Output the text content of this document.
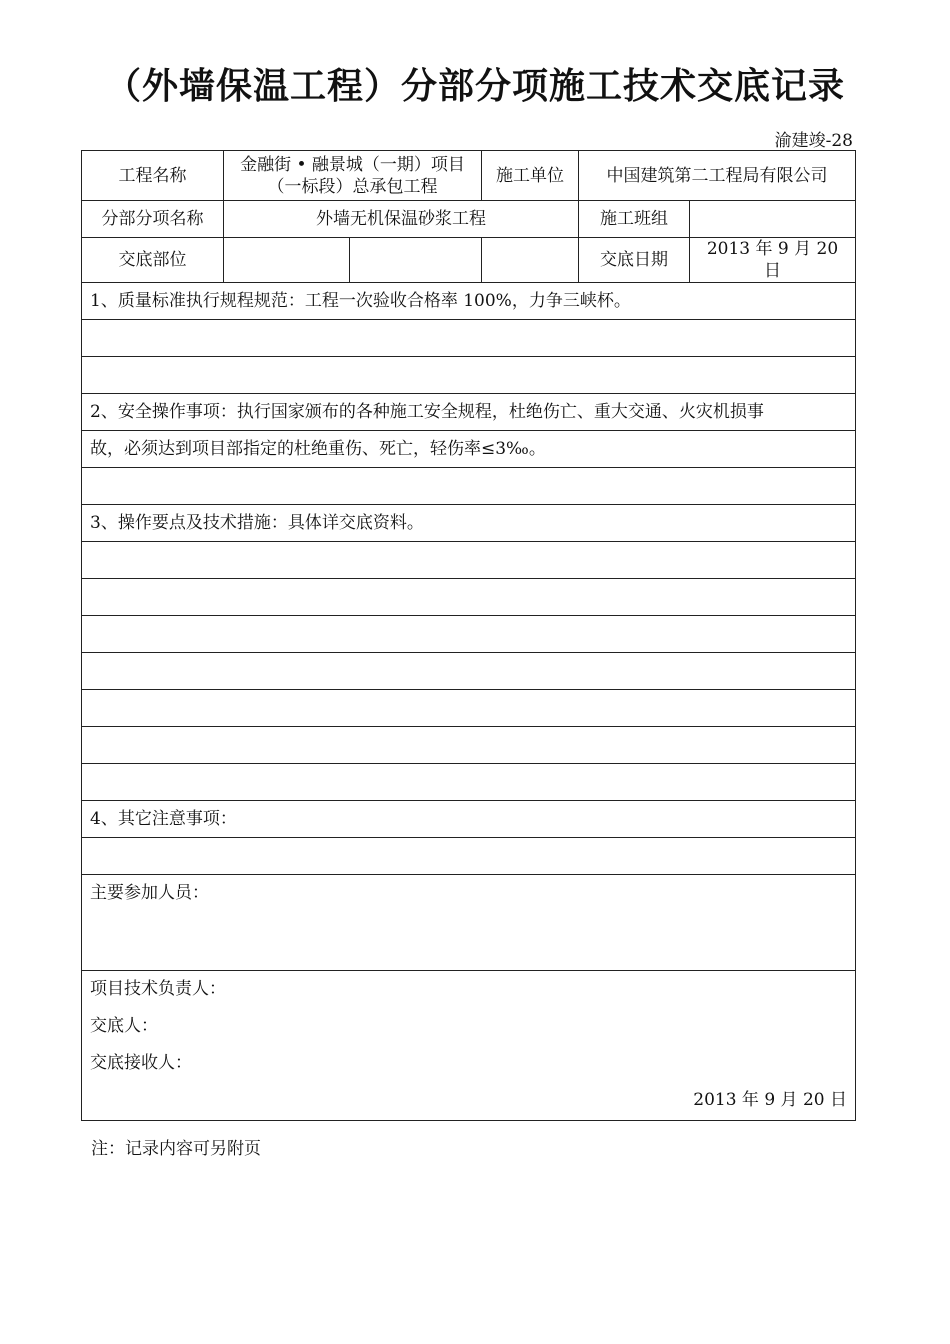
（外墙保温工程）分部分项施工技术交底记录
渝建竣-28
工程名称	金融街 • 融景城（一期）项目
（一标段）总承包工程		施工单位	中国建筑第二工程局有限公司	
分部分项名称	外墙无机保温砂浆工程			施工班组	
交底部位				交底日期	2013 年 9 月 20 日
1、质量标准执行规程规范：工程一次验收合格率 100%，力争三峡杯。					

2、安全操作事项：执行国家颁布的各种施工安全规程，杜绝伤亡、重大交通、火灾机损事					
故，必须达到项目部指定的杜绝重伤、死亡，轻伤率≤3‰。					

3、操作要点及技术措施：具体详交底资料。					

4、其它注意事项：					

主要参加人员：					

项目技术负责人：
交底人：
交底接收人：
2013 年 9 月 20 日					
注：记录内容可另附页
